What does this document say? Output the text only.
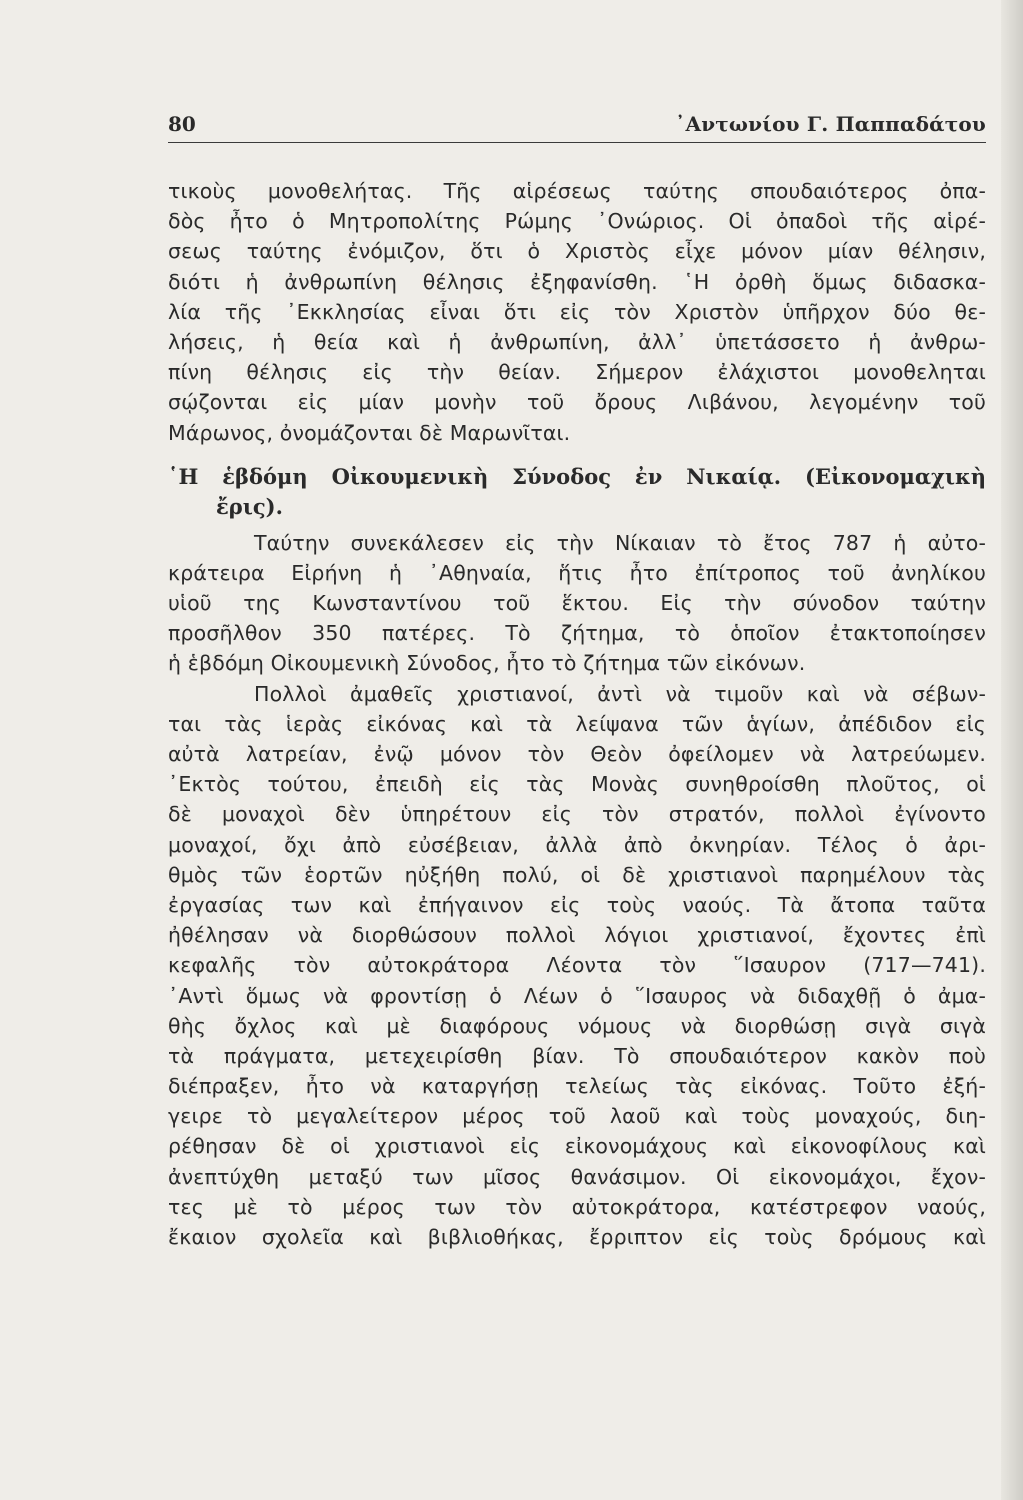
80	᾿Αντωνίου Γ. Παππαδάτου
τικοὺς μονοθελήτας. Τῆς αἱρέσεως ταύτης σπουδαιότερος ὀπα-
δὸς ἦτο ὁ Μητροπολίτης Ρώμης ᾿Ονώριος. Οἱ ὀπαδοὶ τῆς αἱρέ-
σεως ταύτης ἐνόμιζον, ὅτι ὁ Χριστὸς εἶχε μόνον μίαν θέλησιν,
διότι ἡ ἀνθρωπίνη θέλησις ἐξηφανίσθη. ῾Η ὀρθὴ ὅμως διδασκα-
λία τῆς ᾿Εκκλησίας εἶναι ὅτι εἰς τὸν Χριστὸν ὑπῆρχον δύο θε-
λήσεις, ἡ θεία καὶ ἡ ἀνθρωπίνη, ἀλλ᾿ ὑπετάσσετο ἡ ἀνθρω-
πίνη θέλησις εἰς τὴν θείαν. Σήμερον ἐλάχιστοι μονοθεληται
σῴζονται εἰς μίαν μονὴν τοῦ ὄρους Λιβάνου, λεγομένην τοῦ
Μάρωνος, ὀνομάζονται δὲ Μαρωνῖται.
῾Η ἑβδόμη Οἰκουμενικὴ Σύνοδος ἐν Νικαίᾳ. (Εἰκονομαχικὴ
ἔρις).
Ταύτην συνεκάλεσεν εἰς τὴν Νίκαιαν τὸ ἔτος 787 ἡ αὐτο-
κράτειρα Εἰρήνη ἡ ᾿Αθηναία, ἥτις ἦτο ἐπίτροπος τοῦ ἀνηλίκου
υἱοῦ της Κωνσταντίνου τοῦ ἕκτου. Εἰς τὴν σύνοδον ταύτην
προσῆλθον 350 πατέρες. Τὸ ζήτημα, τὸ ὁποῖον ἐτακτοποίησεν
ἡ ἑβδόμη Οἰκουμενικὴ Σύνοδος, ἦτο τὸ ζήτημα τῶν εἰκόνων.
Πολλοὶ ἀμαθεῖς χριστιανοί, ἀντὶ νὰ τιμοῦν καὶ νὰ σέβων-
ται τὰς ἱερὰς εἰκόνας καὶ τὰ λείψανα τῶν ἁγίων, ἀπέδιδον εἰς
αὐτὰ λατρείαν, ἐνῷ μόνον τὸν Θεὸν ὀφείλομεν νὰ λατρεύωμεν.
᾿Εκτὸς τούτου, ἐπειδὴ εἰς τὰς Μονὰς συνηθροίσθη πλοῦτος, οἱ
δὲ μοναχοὶ δὲν ὑπηρέτουν εἰς τὸν στρατόν, πολλοὶ ἐγίνοντο
μοναχοί, ὄχι ἀπὸ εὐσέβειαν, ἀλλὰ ἀπὸ ὀκνηρίαν. Τέλος ὁ ἀρι-
θμὸς τῶν ἑορτῶν ηὐξήθη πολύ, οἱ δὲ χριστιανοὶ παρημέλουν τὰς
ἐργασίας των καὶ ἐπήγαινον εἰς τοὺς ναούς. Τὰ ἄτοπα ταῦτα
ἠθέλησαν νὰ διορθώσουν πολλοὶ λόγιοι χριστιανοί, ἔχοντες ἐπὶ
κεφαλῆς τὸν αὐτοκράτορα Λέοντα τὸν ῞Ισαυρον (717—741).
᾿Αντὶ ὅμως νὰ φροντίσῃ ὁ Λέων ὁ ῞Ισαυρος νὰ διδαχθῇ ὁ ἀμα-
θὴς ὄχλος καὶ μὲ διαφόρους νόμους νὰ διορθώσῃ σιγὰ σιγὰ
τὰ πράγματα, μετεχειρίσθη βίαν. Τὸ σπουδαιότερον κακὸν ποὺ
διέπραξεν, ἦτο νὰ καταργήσῃ τελείως τὰς εἰκόνας. Τοῦτο ἐξή-
γειρε τὸ μεγαλείτερον μέρος τοῦ λαοῦ καὶ τοὺς μοναχούς, διη-
ρέθησαν δὲ οἱ χριστιανοὶ εἰς εἰκονομάχους καὶ εἰκονοφίλους καὶ
ἀνεπτύχθη μεταξύ των μῖσος θανάσιμον. Οἱ εἰκονομάχοι, ἔχον-
τες μὲ τὸ μέρος των τὸν αὐτοκράτορα, κατέστρεφον ναούς,
ἔκαιον σχολεῖα καὶ βιβλιοθήκας, ἔρριπτον εἰς τοὺς δρόμους καὶ
